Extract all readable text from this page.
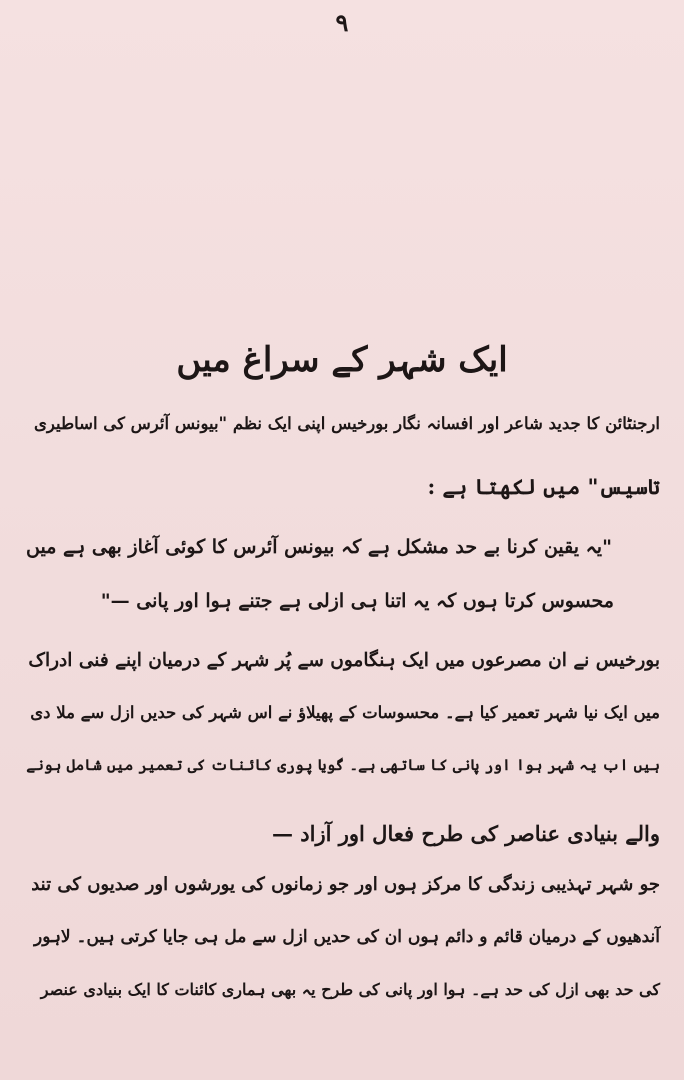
۹
ایک شہر کے سراغ میں
ارجنٹائن کا جدید شاعر اور افسانہ نگار بورخیس اپنی ایک نظم "بیونس آئرس کی اساطیری
تاسیس" میں لکھتا ہے :
"یہ یقین کرنا بے حد مشکل ہے کہ بیونس آئرس کا کوئی آغاز بھی ہے میں
محسوس کرتا ہوں کہ یہ اتنا ہی ازلی ہے جتنے ہوا اور پانی —"
بورخیس نے ان مصرعوں میں ایک ہنگاموں سے پُر شہر کے درمیان اپنے فنی ادراک
میں ایک نیا شہر تعمیر کیا ہے۔ محسوسات کے پھیلاؤ نے اس شہر کی حدیں ازل سے ملا دی
ہیں اب یہ شہر ہوا اور پانی کا ساتھی ہے۔ گویا پوری کائنات کی تعمیر میں شامل ہونے
والے بنیادی عناصر کی طرح فعال اور آزاد —
جو شہر تہذیبی زندگی کا مرکز ہوں اور جو زمانوں کی یورشوں اور صدیوں کی تند
آندھیوں کے درمیان قائم و دائم ہوں ان کی حدیں ازل سے مل ہی جایا کرتی ہیں۔ لاہور
کی حد بھی ازل کی حد ہے۔ ہوا اور پانی کی طرح یہ بھی ہماری کائنات کا ایک بنیادی عنصر
